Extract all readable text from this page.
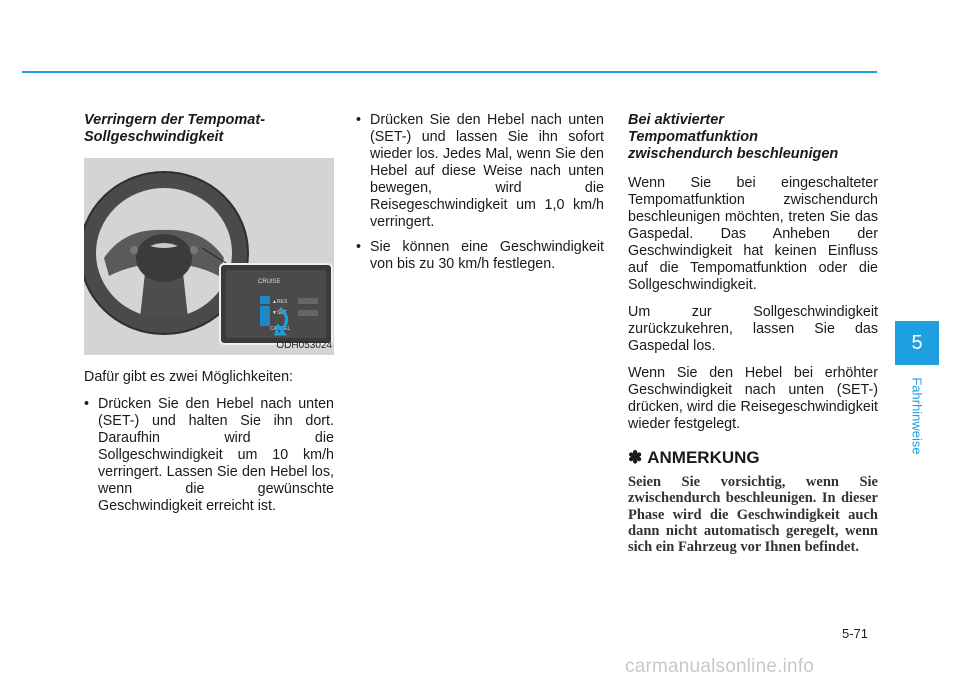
Verringern der Tempomat-
Sollgeschwindigkeit
CRUISE
▲RES
▼SET
CANCEL
ODH053024

Dafür gibt es zwei Möglichkeiten:

• Drücken Sie den Hebel nach unten (SET-) und halten Sie ihn dort. Daraufhin wird die Sollgeschwindigkeit um 10 km/h verringert. Lassen Sie den Hebel los, wenn die gewünschte Geschwindigkeit erreicht ist.
• Drücken Sie den Hebel nach unten (SET-) und lassen Sie ihn sofort wieder los. Jedes Mal, wenn Sie den Hebel auf diese Weise nach unten bewegen, wird die Reisegeschwindigkeit um 1,0 km/h verringert.
• Sie können eine Geschwindigkeit von bis zu 30 km/h festlegen.
Bei aktivierter
Tempomatfunktion
zwischendurch beschleunigen

Wenn Sie bei eingeschalteter Tempomatfunktion zwischendurch beschleunigen möchten, treten Sie das Gaspedal. Das Anheben der Geschwindigkeit hat keinen Einfluss auf die Tempomatfunktion oder die Sollgeschwindigkeit.

Um zur Sollgeschwindigkeit zurückzukehren, lassen Sie das Gaspedal los.

Wenn Sie den Hebel bei erhöhter Geschwindigkeit nach unten (SET-) drücken, wird die Reisegeschwindigkeit wieder festgelegt.

✽ ANMERKUNG
Seien Sie vorsichtig, wenn Sie zwischendurch beschleunigen. In dieser Phase wird die Geschwindigkeit auch dann nicht automatisch geregelt, wenn sich ein Fahrzeug vor Ihnen befindet.
5
Fahrhinweise
5-71
carmanualsonline.info
